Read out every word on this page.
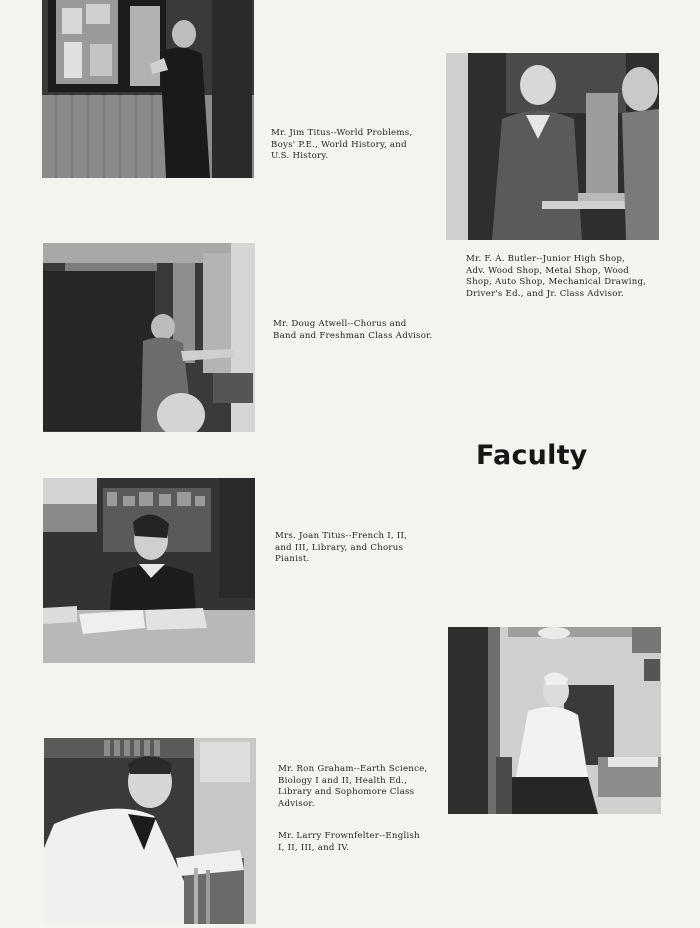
Mr. Jim Titus--World Problems,
Boys' P.E., World History, and
U.S. History.
Mr. F. A. Butler--Junior High Shop,
Adv. Wood Shop, Metal Shop, Wood
Shop, Auto Shop, Mechanical Drawing,
Driver's Ed., and Jr. Class Advisor.
Mr. Doug Atwell--Chorus and
Band and Freshman Class Advisor.
Faculty
Mrs. Joan Titus--French I, II,
and III, Library, and Chorus
Pianist.
Mr. Ron Graham--Earth Science,
Biology I and II, Health Ed.,
Library and Sophomore Class
Advisor.
Mr. Larry Frownfelter--English
I, II, III, and IV.
